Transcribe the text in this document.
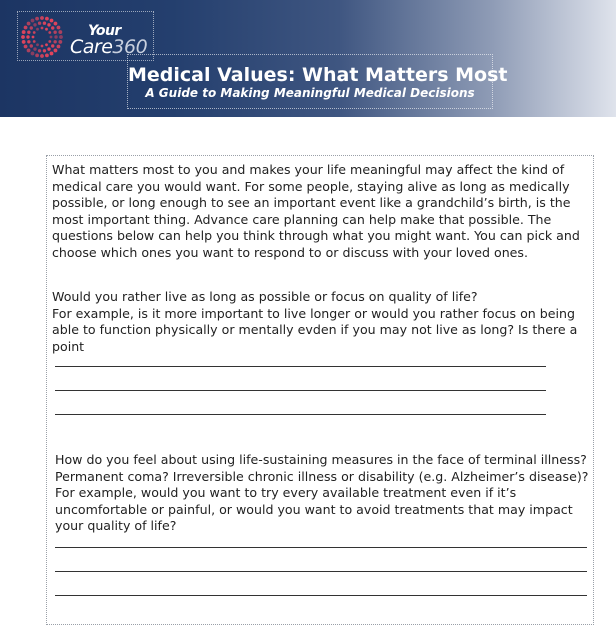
Your
Care360
Medical Values: What Matters Most
A Guide to Making Meaningful Medical Decisions
What matters most to you and makes your life meaningful may affect the kind of medical care you would want. For some people, staying alive as long as medically possible, or long enough to see an important event like a grandchild’s birth, is the most important thing. Advance care planning can help make that possible. The questions below can help you think through what you might want. You can pick and choose which ones you want to respond to or discuss with your loved ones.
Would you rather live as long as possible or focus on quality of life?
For example, is it more important to live longer or would you rather focus on being able to function physically or mentally evden if you may not live as long? Is there a point
How do you feel about using life-sustaining measures in the face of terminal illness? Permanent coma? Irreversible chronic illness or disability (e.g. Alzheimer’s disease)?
For example, would you want to try every available treatment even if it’s uncomfortable or painful, or would you want to avoid treatments that may impact your quality of life?
